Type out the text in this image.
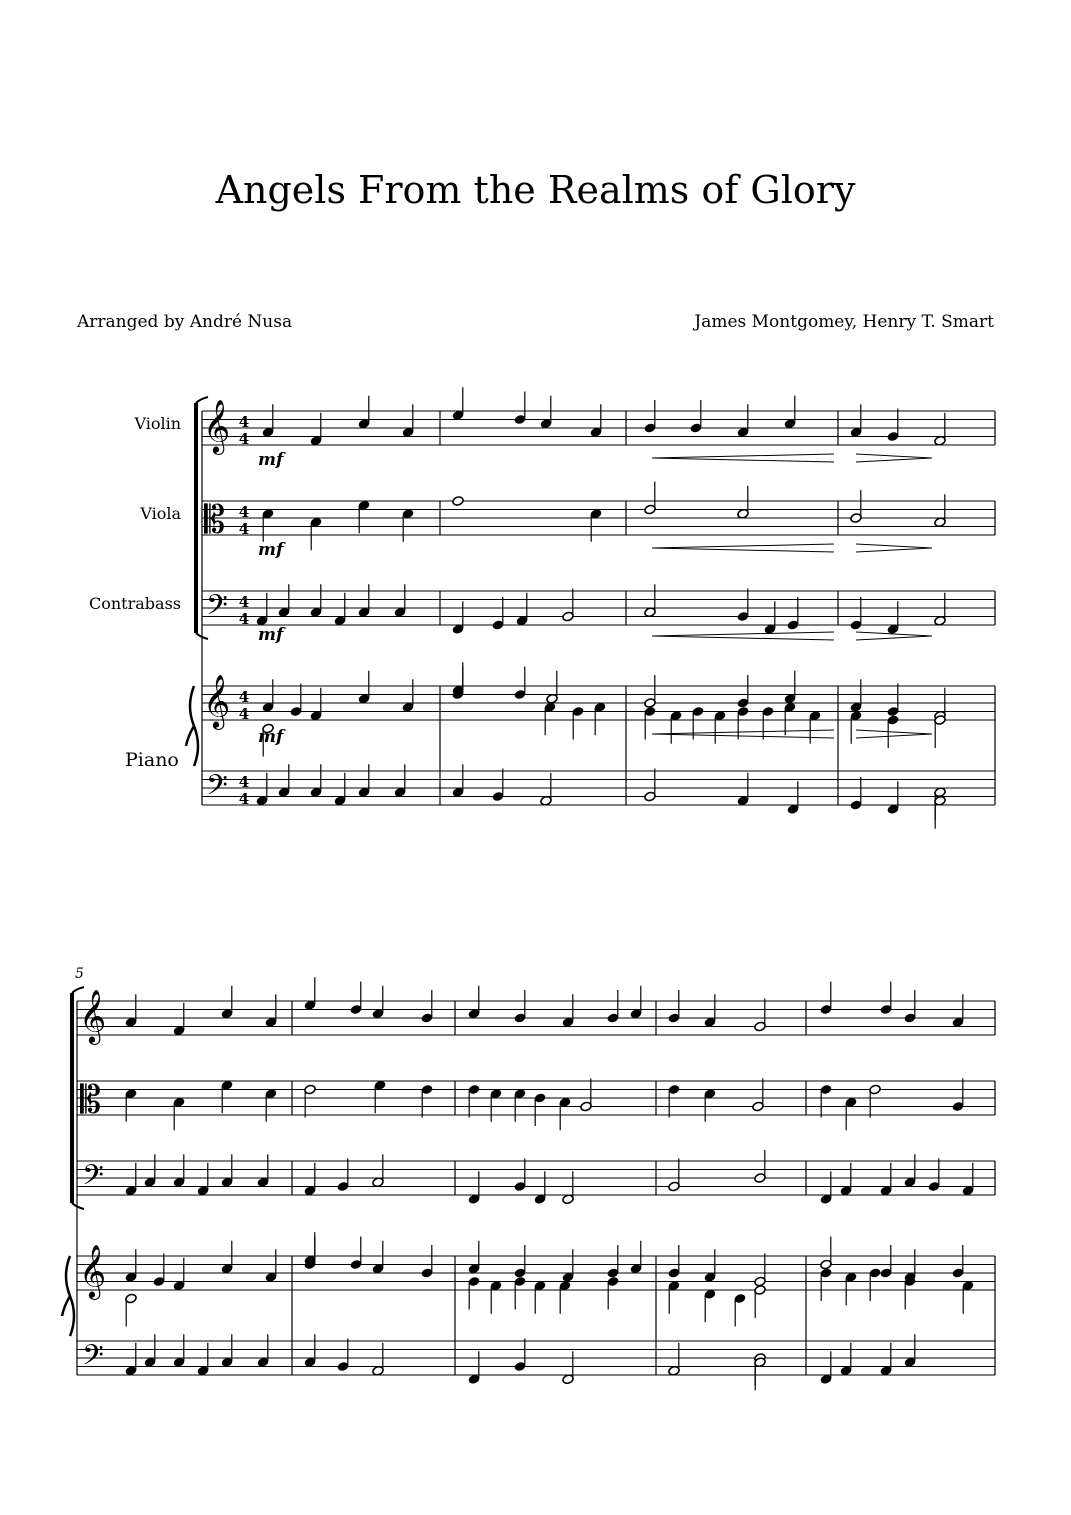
Angels From the Realms of Glory
Arranged by André Nusa	James Montgomey, Henry T. Smart
Violin
Viola
Contrabass
Piano
5
𝄞 4
4
𝄡 4
4
𝄢 4
4
𝄞 4
4
𝄢 4
4
mf
mf
mf
mf
𝄞
𝄡
𝄢
𝄞
𝄢
